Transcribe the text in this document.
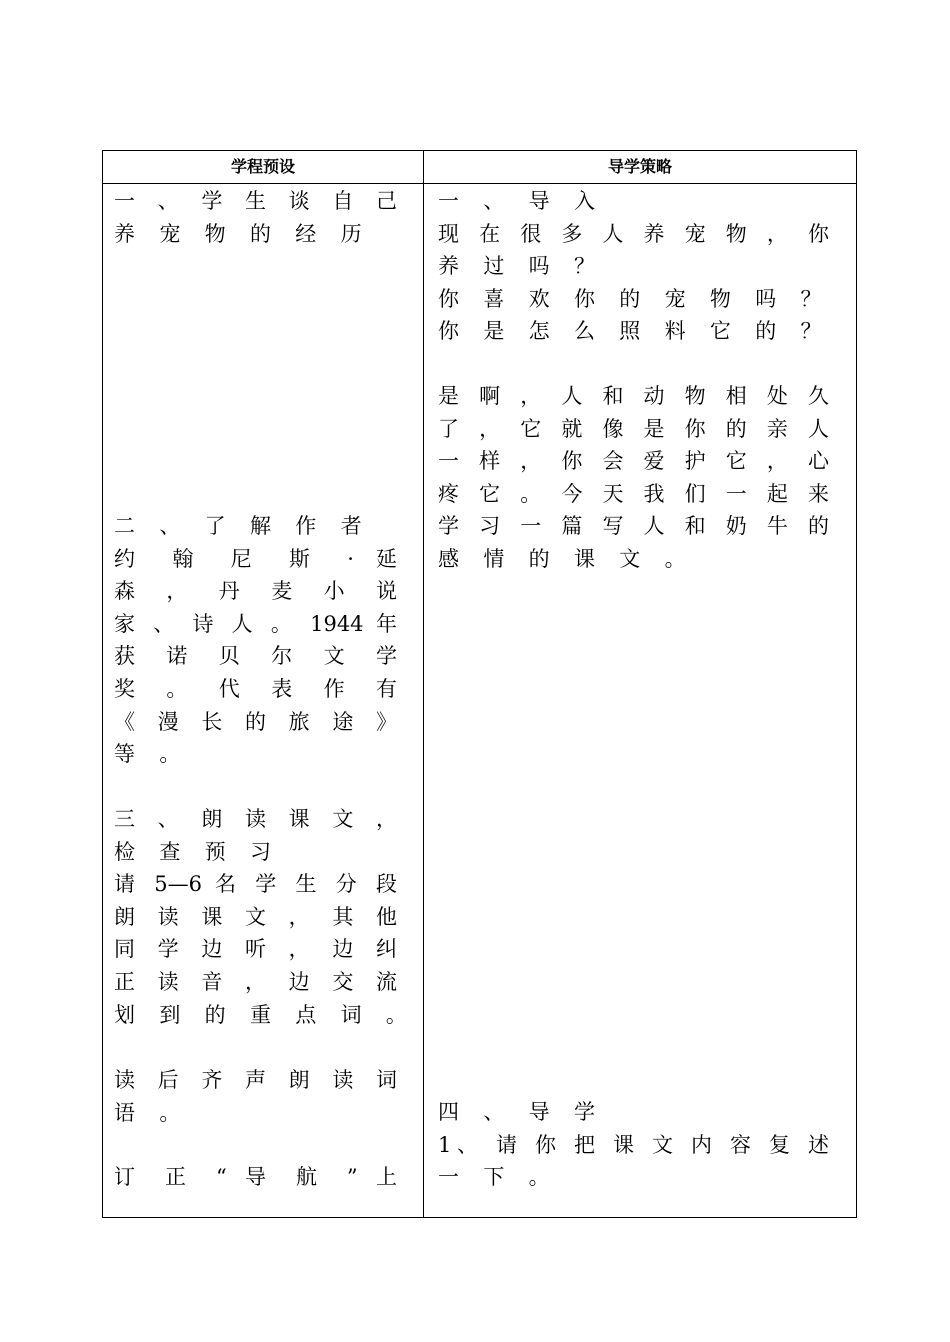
学程预设	导学策略
一 、 学 生 谈 自 己
养 宠 物 的 经 历
二 、 了 解 作 者
约 翰 尼 斯 · 延
森 ， 丹 麦 小 说
家 、 诗 人 。 1944 年
获 诺 贝 尔 文 学
奖 。 代 表 作 有
《 漫 长 的 旅 途 》
等 。
三 、 朗 读 课 文 ，
检 查 预 习
请 5—6 名 学 生 分 段
朗 读 课 文 ， 其 他
同 学 边 听 ， 边 纠
正 读 音 ， 边 交 流
划 到 的 重 点 词 。
读 后 齐 声 朗 读 词
语 。
订 正 “ 导 航 ” 上
一 、 导 入
现 在 很 多 人 养 宠 物 ， 你
养 过 吗 ？
你 喜 欢 你 的 宠 物 吗 ？
你 是 怎 么 照 料 它 的 ？
是 啊 ， 人 和 动 物 相 处 久
了 ， 它 就 像 是 你 的 亲 人
一 样 ， 你 会 爱 护 它 ， 心
疼 它 。 今 天 我 们 一 起 来
学 习 一 篇 写 人 和 奶 牛 的
感 情 的 课 文 。
四 、 导 学
1、 请 你 把 课 文 内 容 复 述
一 下 。
